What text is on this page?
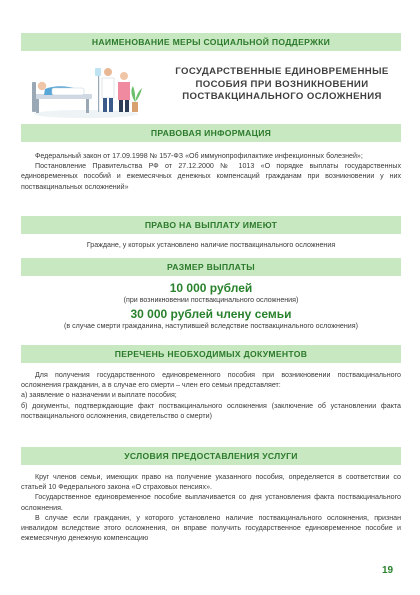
НАИМЕНОВАНИЕ МЕРЫ СОЦИАЛЬНОЙ ПОДДЕРЖКИ
ГОСУДАРСТВЕННЫЕ ЕДИНОВРЕМЕННЫЕ
ПОСОБИЯ ПРИ ВОЗНИКНОВЕНИИ
ПОСТВАКЦИНАЛЬНОГО ОСЛОЖНЕНИЯ
ПРАВОВАЯ ИНФОРМАЦИЯ

Федеральный закон от 17.09.1998 № 157-ФЗ «Об иммунопрофилактике инфекционных болезней»;

Постановление Правительства РФ от 27.12.2000 № 1013 «О порядке выплаты государственных единовременных пособий и ежемесячных денежных компенсаций гражданам при возникновении у них поствакцинальных осложнений»

ПРАВО НА ВЫПЛАТУ ИМЕЮТ

Граждане, у которых установлено наличие поствакцинального осложнения

РАЗМЕР ВЫПЛАТЫ
10 000 рублей
(при возникновении поствакцинального осложнения)
30 000 рублей члену семьи
(в случае смерти гражданина, наступившей вследствие поствакцинального осложнения)
ПЕРЕЧЕНЬ НЕОБХОДИМЫХ ДОКУМЕНТОВ

Для получения государственного единовременного пособия при возникновении поствакцинального осложнения гражданин, а в случае его смерти – член его семьи представляет:

а) заявление о назначении и выплате пособия;

б) документы, подтверждающие факт поствакцинального осложнения (заключение об установлении факта поствакцинального осложнения, свидетельство о смерти)

УСЛОВИЯ ПРЕДОСТАВЛЕНИЯ УСЛУГИ

Круг членов семьи, имеющих право на получение указанного пособия, определяется в соответствии со статьей 10 Федерального закона «О страховых пенсиях».

Государственное единовременное пособие выплачивается со дня установления факта поствакцинального осложнения.

В случае если гражданин, у которого установлено наличие поствакцинального осложнения, признан инвалидом вследствие этого осложнения, он вправе получить государственное единовременное пособие и ежемесячную денежную компенсацию

19
